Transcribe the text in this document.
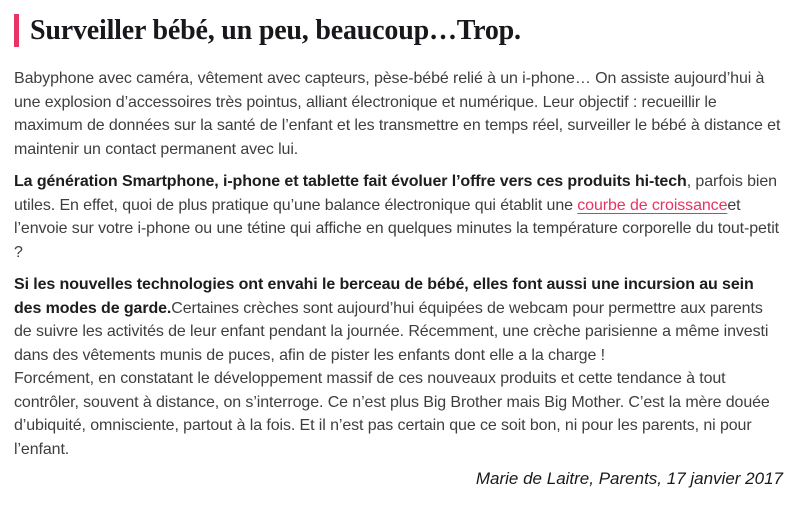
Surveiller bébé, un peu, beaucoup…Trop.

Babyphone avec caméra, vêtement avec capteurs, pèse-bébé relié à un i-phone… On assiste aujourd’hui à une explosion d’accessoires très pointus, alliant électronique et numérique. Leur objectif : recueillir le maximum de données sur la santé de l’enfant et les transmettre en temps réel, surveiller le bébé à distance et maintenir un contact permanent avec lui.

La génération Smartphone, i-phone et tablette fait évoluer l’offre vers ces produits hi-tech, parfois bien utiles. En effet, quoi de plus pratique qu’une balance électronique qui établit une courbe de croissanceet l’envoie sur votre i-phone ou une tétine qui affiche en quelques minutes la température corporelle du tout-petit ?

Si les nouvelles technologies ont envahi le berceau de bébé, elles font aussi une incursion au sein des modes de garde.Certaines crèches sont aujourd’hui équipées de webcam pour permettre aux parents de suivre les activités de leur enfant pendant la journée. Récemment, une crèche parisienne a même investi dans des vêtements munis de puces, afin de pister les enfants dont elle a la charge !

Forcément, en constatant le développement massif de ces nouveaux produits et cette tendance à tout contrôler, souvent à distance, on s’interroge. Ce n’est plus Big Brother mais Big Mother. C’est la mère douée d’ubiquité, omnisciente, partout à la fois. Et il n’est pas certain que ce soit bon, ni pour les parents, ni pour l’enfant.

Marie de Laitre, Parents, 17 janvier 2017
